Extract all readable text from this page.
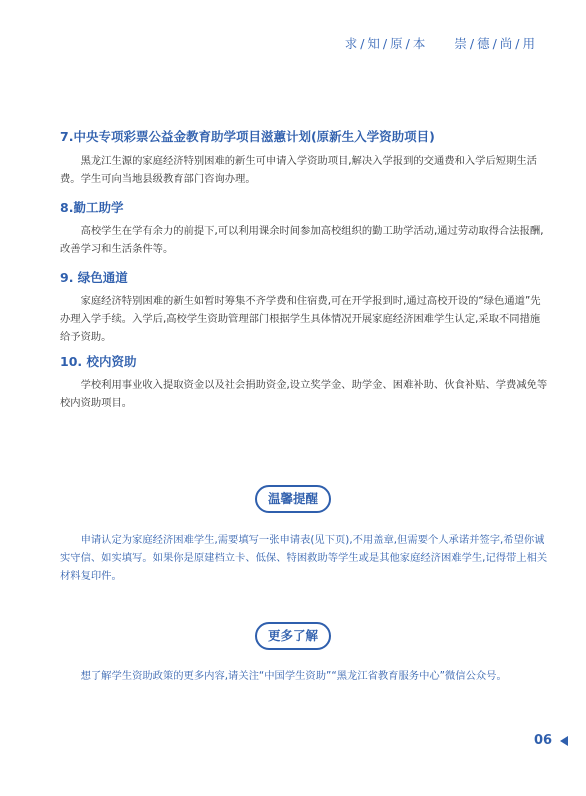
求/知/原/本 崇/德/尚/用
7.中央专项彩票公益金教育助学项目滋蕙计划(原新生入学资助项目)
黑龙江生源的家庭经济特别困难的新生可申请入学资助项目,解决入学报到的交通费和入学后短期生活费。学生可向当地县级教育部门咨询办理。
8.勤工助学
高校学生在学有余力的前提下,可以利用课余时间参加高校组织的勤工助学活动,通过劳动取得合法报酬,改善学习和生活条件等。
9. 绿色通道
家庭经济特别困难的新生如暂时筹集不齐学费和住宿费,可在开学报到时,通过高校开设的“绿色通道”先办理入学手续。入学后,高校学生资助管理部门根据学生具体情况开展家庭经济困难学生认定,采取不同措施给予资助。
10. 校内资助
学校利用事业收入提取资金以及社会捐助资金,设立奖学金、助学金、困难补助、伙食补贴、学费减免等校内资助项目。
温馨提醒
申请认定为家庭经济困难学生,需要填写一张申请表(见下页),不用盖章,但需要个人承诺并签字,希望你诚实守信、如实填写。如果你是原建档立卡、低保、特困救助等学生或是其他家庭经济困难学生,记得带上相关材料复印件。
更多了解
想了解学生资助政策的更多内容,请关注“中国学生资助”“黑龙江省教育服务中心”微信公众号。
06
